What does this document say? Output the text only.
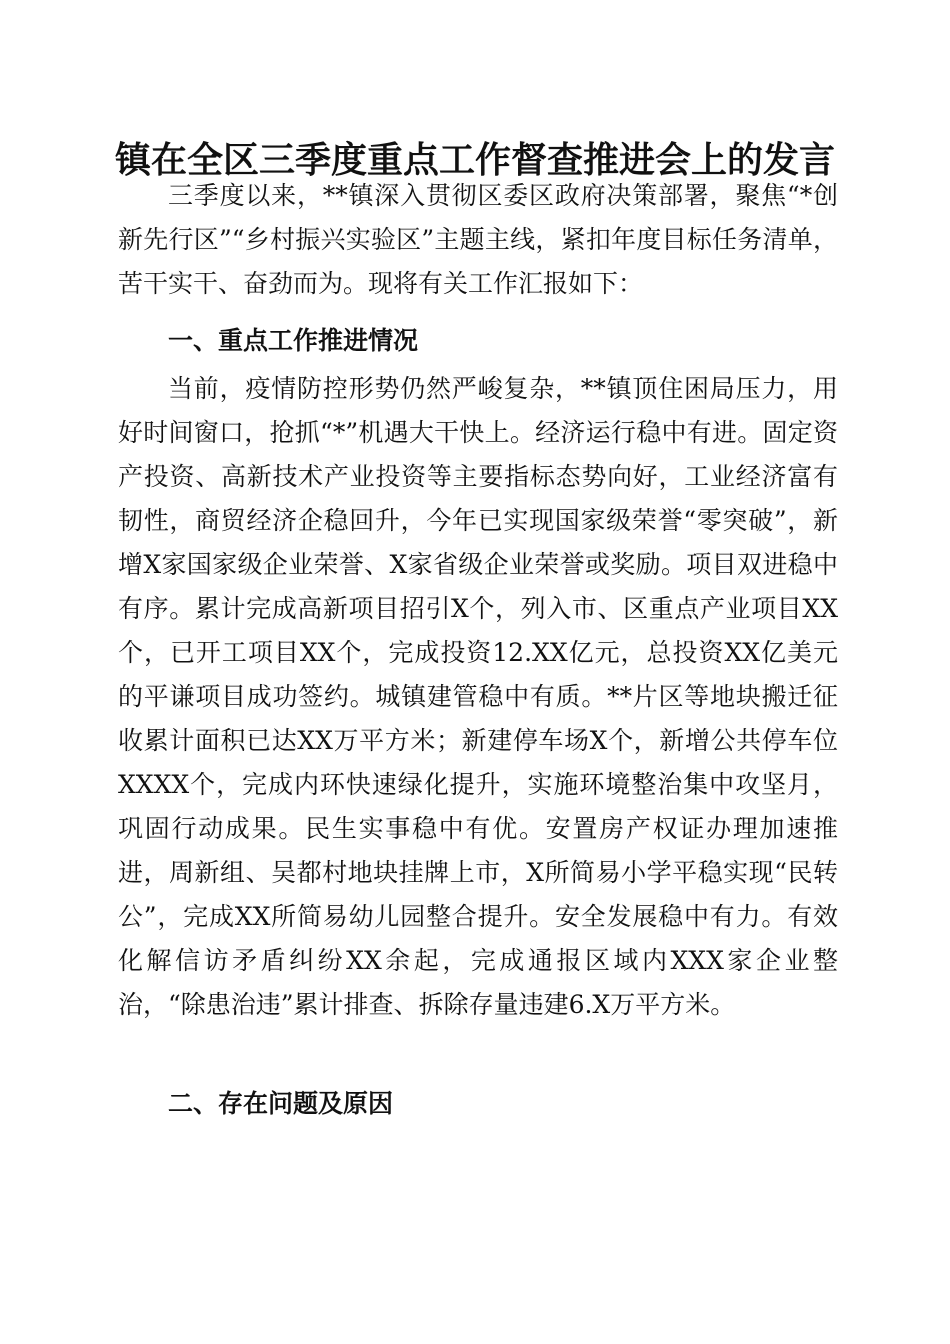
镇在全区三季度重点工作督查推进会上的发言

三季度以来，**镇深入贯彻区委区政府决策部署，聚焦“*创新先行区”“乡村振兴实验区”主题主线，紧扣年度目标任务清单，苦干实干、奋劲而为。现将有关工作汇报如下：

一、重点工作推进情况

当前，疫情防控形势仍然严峻复杂，**镇顶住困局压力，用好时间窗口，抢抓“*”机遇大干快上。经济运行稳中有进。固定资产投资、高新技术产业投资等主要指标态势向好，工业经济富有韧性，商贸经济企稳回升，今年已实现国家级荣誉“零突破”，新增X家国家级企业荣誉、X家省级企业荣誉或奖励。项目双进稳中有序。累计完成高新项目招引X个，列入市、区重点产业项目XX个，已开工项目XX个，完成投资12.XX亿元，总投资XX亿美元的平谦项目成功签约。城镇建管稳中有质。**片区等地块搬迁征收累计面积已达XX万平方米；新建停车场X个，新增公共停车位XXXX个，完成内环快速绿化提升，实施环境整治集中攻坚月，巩固行动成果。民生实事稳中有优。安置房产权证办理加速推进，周新组、吴都村地块挂牌上市，X所简易小学平稳实现“民转公”，完成XX所简易幼儿园整合提升。安全发展稳中有力。有效化解信访矛盾纠纷XX余起，完成通报区域内XXX家企业整治，“除患治违”累计排查、拆除存量违建6.X万平方米。

二、存在问题及原因
